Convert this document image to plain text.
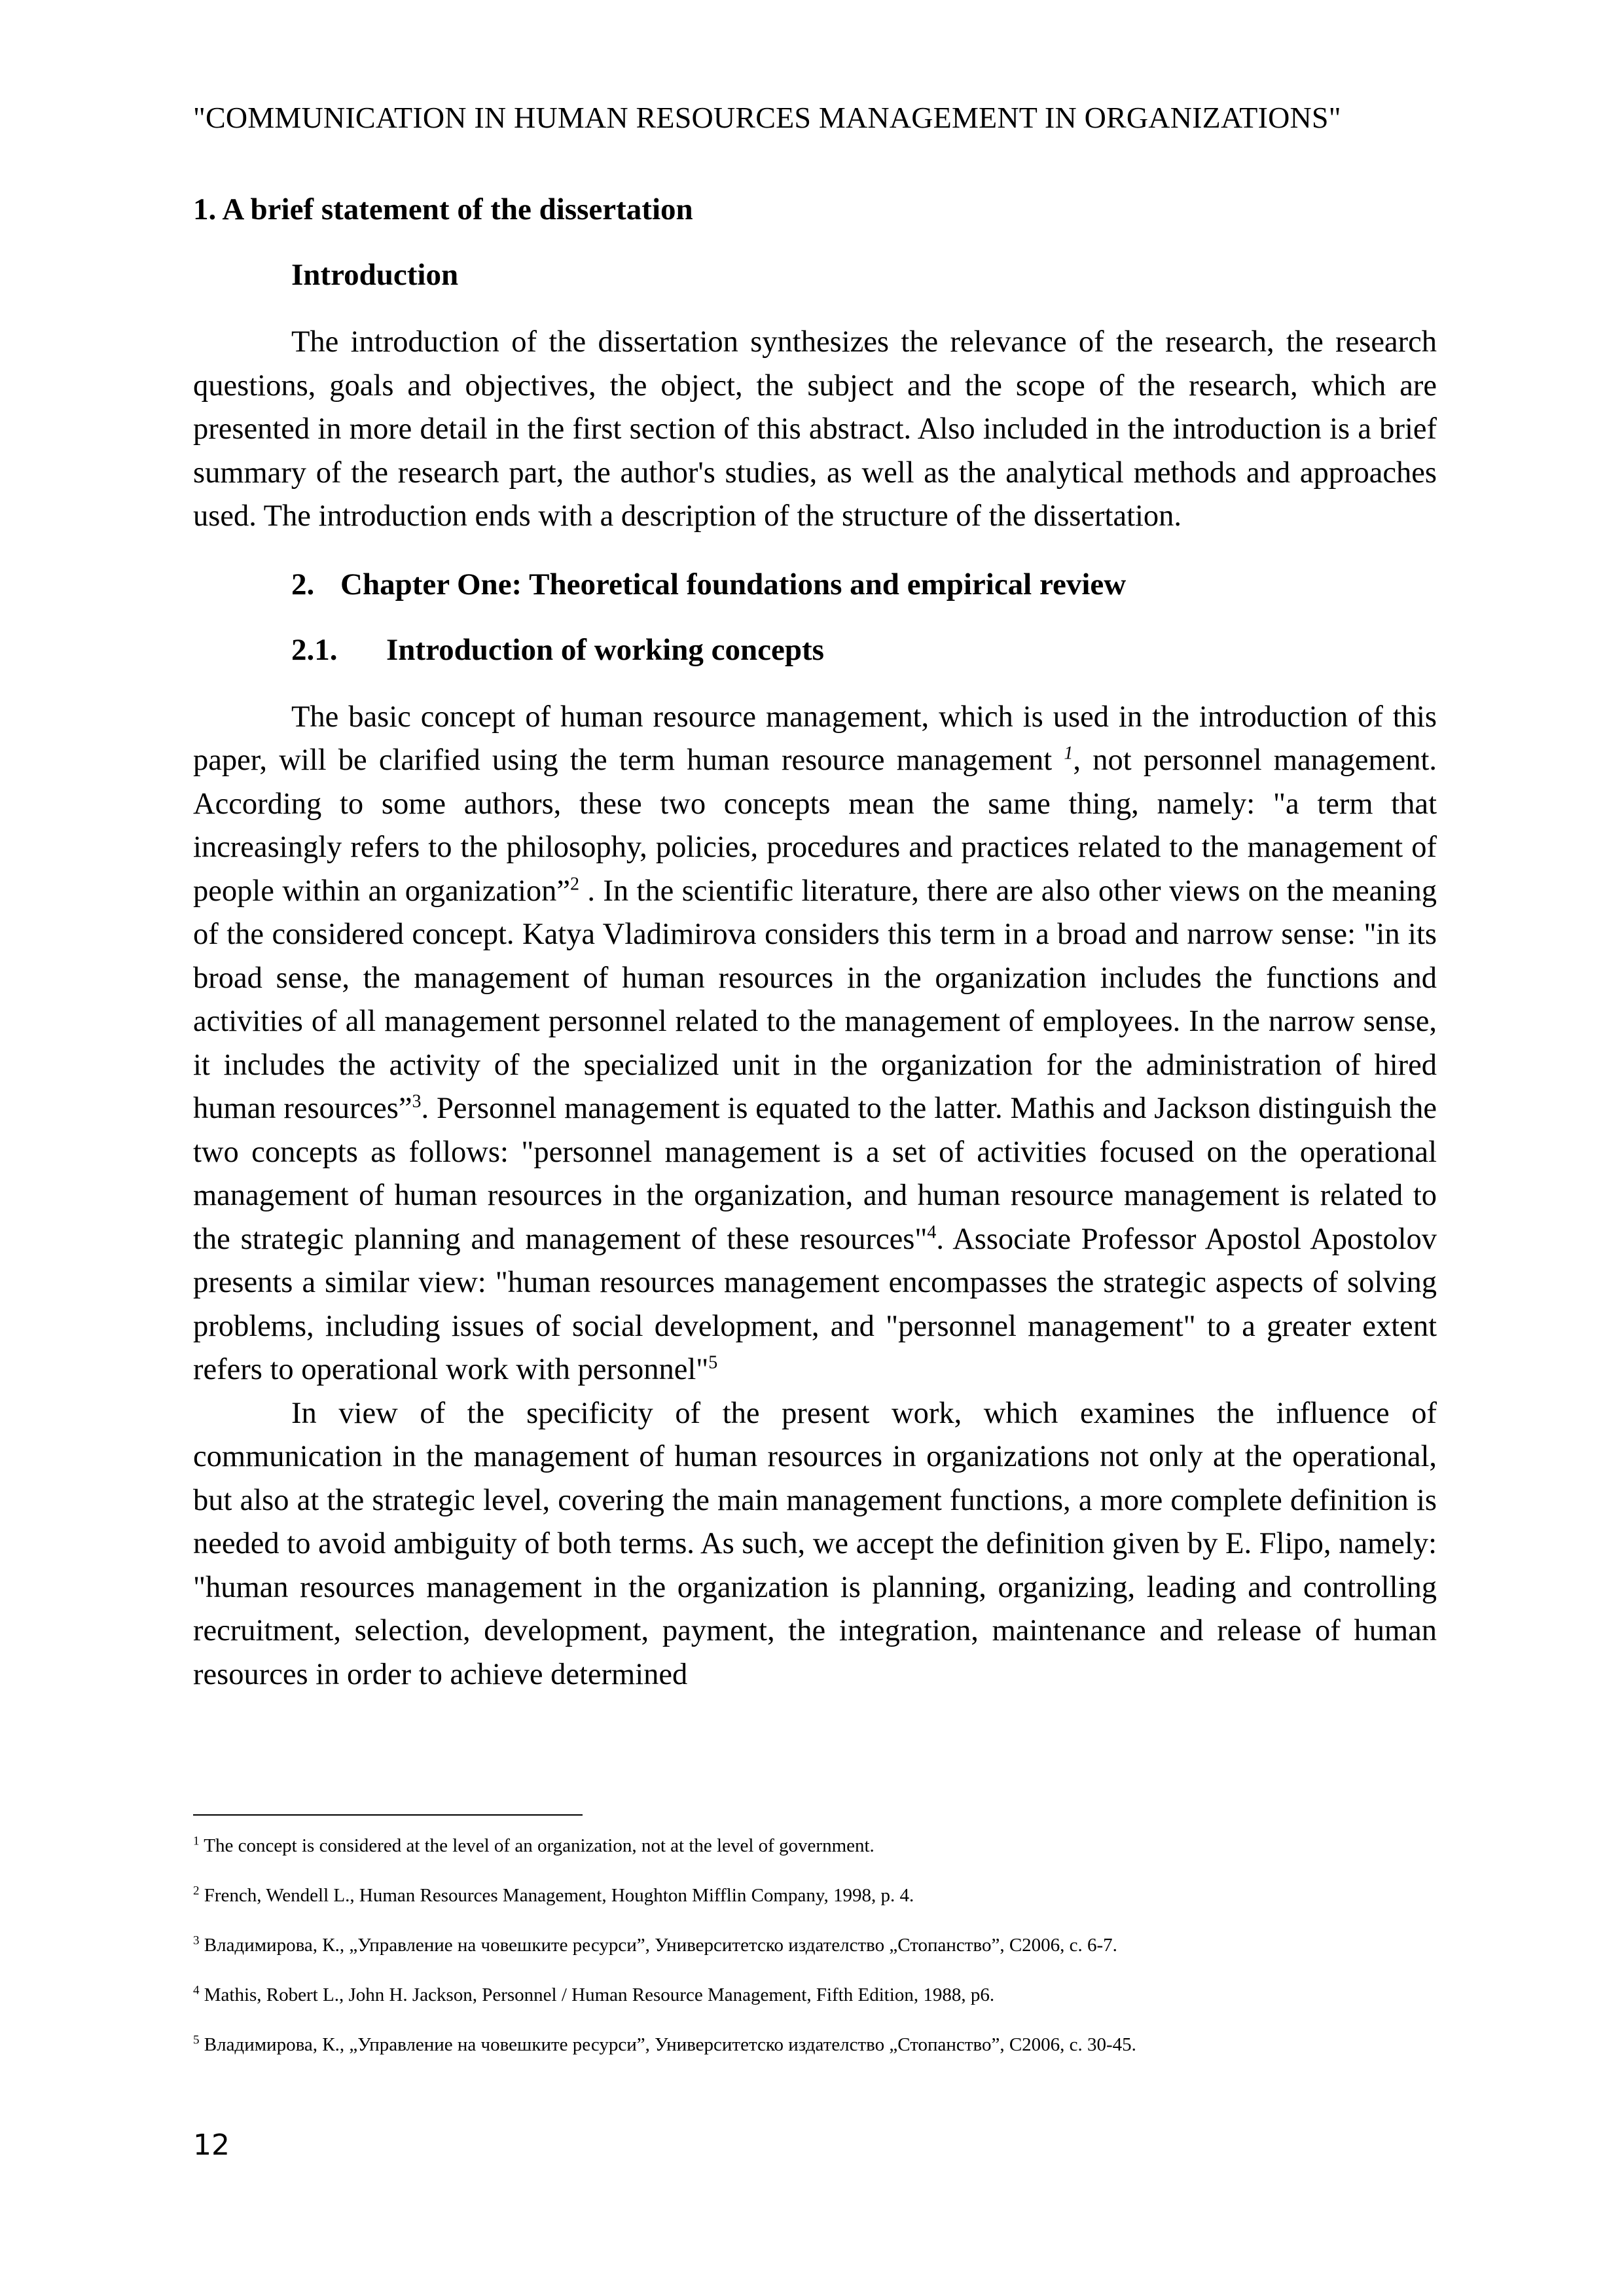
"COMMUNICATION IN HUMAN RESOURCES MANAGEMENT IN ORGANIZATIONS"
1. A brief statement of the dissertation
Introduction

The introduction of the dissertation synthesizes the relevance of the research, the research questions, goals and objectives, the object, the subject and the scope of the research, which are presented in more detail in the first section of this abstract. Also included in the introduction is a brief summary of the research part, the author's studies, as well as the analytical methods and approaches used. The introduction ends with a description of the structure of the dissertation.

2. Chapter One: Theoretical foundations and empirical review
2.1. Introduction of working concepts

The basic concept of human resource management, which is used in the introduction of this paper, will be clarified using the term human resource management $^1$, not personnel management. According to some authors, these two concepts mean the same thing, namely: "a term that increasingly refers to the philosophy, policies, procedures and practices related to the management of people within an organization”$^2$ . In the scientific literature, there are also other views on the meaning of the considered concept. Katya Vladimirova considers this term in a broad and narrow sense: "in its broad sense, the management of human resources in the organization includes the functions and activities of all management personnel related to the management of employees. In the narrow sense, it includes the activity of the specialized unit in the organization for the administration of hired human resources”$^3$. Personnel management is equated to the latter. Mathis and Jackson distinguish the two concepts as follows: "personnel management is a set of activities focused on the operational management of human resources in the organization, and human resource management is related to the strategic planning and management of these resources"$^4$. Associate Professor Apostol Apostolov presents a similar view: "human resources management encompasses the strategic aspects of solving problems, including issues of social development, and "personnel management" to a greater extent refers to operational work with personnel"$^5$

In view of the specificity of the present work, which examines the influence of communication in the management of human resources in organizations not only at the operational, but also at the strategic level, covering the main management functions, a more complete definition is needed to avoid ambiguity of both terms. As such, we accept the definition given by E. Flipo, namely: "human resources management in the organization is planning, organizing, leading and controlling recruitment, selection, development, payment, the integration, maintenance and release of human resources in order to achieve determined

$^1$ The concept is considered at the level of an organization, not at the level of government.
$^2$ French, Wendell L., Human Resources Management, Houghton Mifflin Company, 1998, p. 4.
$^3$ Владимирова, К., „Управление на човешките ресурси”, Университетско издателство „Стопанство”, С2006, с. 6-7.
$^4$ Mathis, Robert L., John H. Jackson, Personnel / Human Resource Management, Fifth Edition, 1988, p6.
$^5$ Владимирова, К., „Управление на човешките ресурси”, Университетско издателство „Стопанство”, С2006, с. 30-45.
12
